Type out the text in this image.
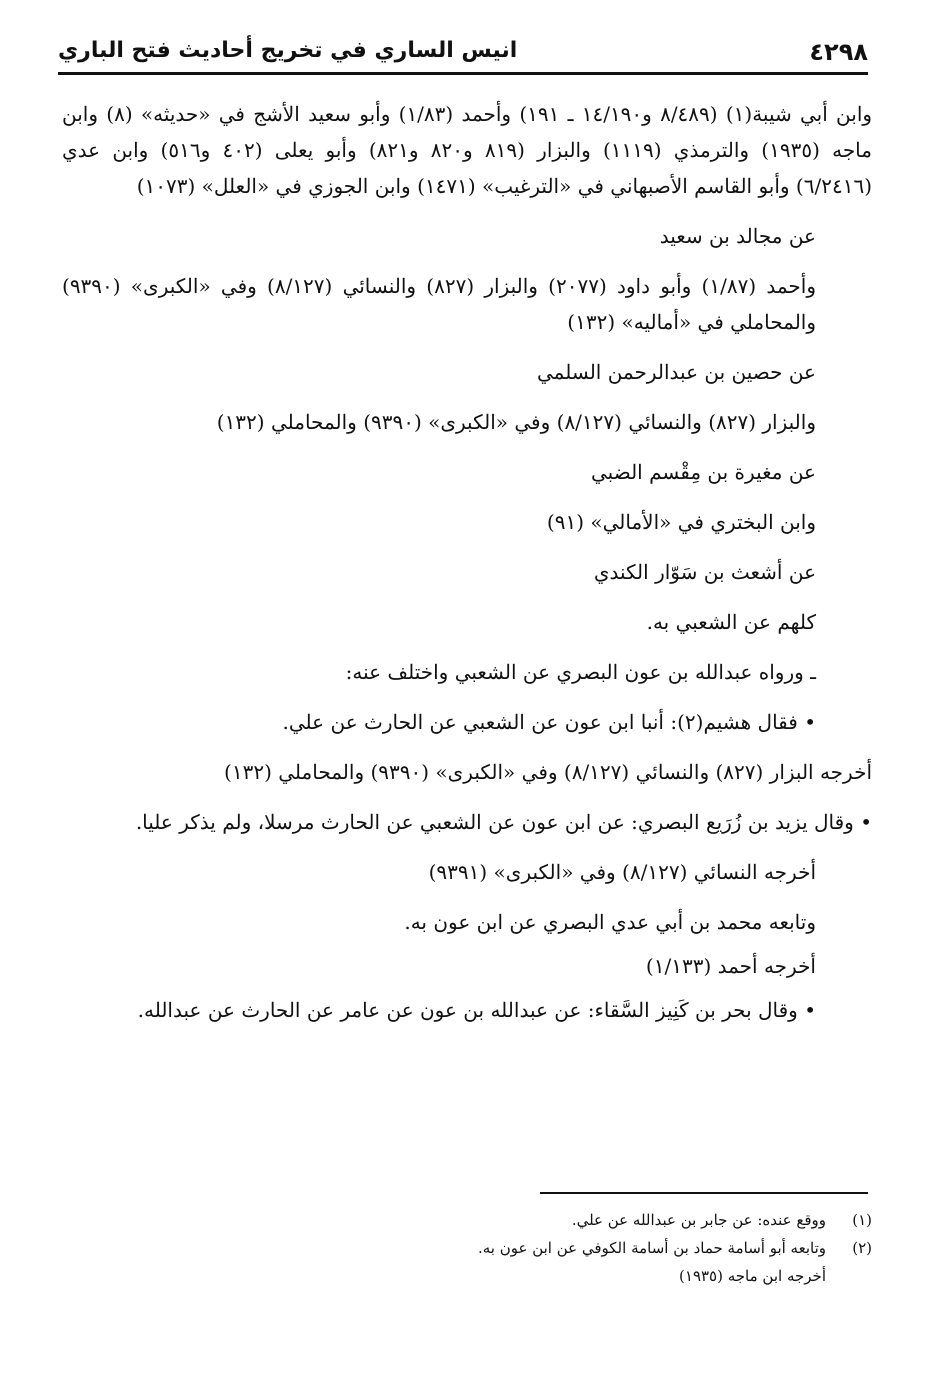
٤٢٩٨
انيس الساري في تخريج أحاديث فتح الباري

وابن أبي شيبة(١) (٨/٤٨٩ و١٤/١٩٠ ـ ١٩١) وأحمد (١/٨٣) وأبو سعيد الأشج في «حديثه» (٨) وابن ماجه (١٩٣٥) والترمذي (١١١٩) والبزار (٨١٩ و٨٢٠ و٨٢١) وأبو يعلى (٤٠٢ و٥١٦) وابن عدي (٦/٢٤١٦) وأبو القاسم الأصبهاني في «الترغيب» (١٤٧١) وابن الجوزي في «العلل» (١٠٧٣)

عن مجالد بن سعيد

وأحمد (١/٨٧) وأبو داود (٢٠٧٧) والبزار (٨٢٧) والنسائي (٨/١٢٧) وفي «الكبرى» (٩٣٩٠) والمحاملي في «أماليه» (١٣٢)

عن حصين بن عبدالرحمن السلمي

والبزار (٨٢٧) والنسائي (٨/١٢٧) وفي «الكبرى» (٩٣٩٠) والمحاملي (١٣٢)

عن مغيرة بن مِقْسم الضبي

وابن البختري في «الأمالي» (٩١)

عن أشعث بن سَوّار الكندي

كلهم عن الشعبي به.

ـ ورواه عبدالله بن عون البصري عن الشعبي واختلف عنه:

• فقال هشيم(٢): أنبا ابن عون عن الشعبي عن الحارث عن علي.

أخرجه البزار (٨٢٧) والنسائي (٨/١٢٧) وفي «الكبرى» (٩٣٩٠) والمحاملي (١٣٢)

• وقال يزيد بن زُرَيع البصري: عن ابن عون عن الشعبي عن الحارث مرسلا، ولم يذكر عليا.

أخرجه النسائي (٨/١٢٧) وفي «الكبرى» (٩٣٩١)

وتابعه محمد بن أبي عدي البصري عن ابن عون به.

أخرجه أحمد (١/١٣٣)

• وقال بحر بن كَنِيز السَّقاء: عن عبدالله بن عون عن عامر عن الحارث عن عبدالله.

(١)ووقع عنده: عن جابر بن عبدالله عن علي.

(٢)وتابعه أبو أسامة حماد بن أسامة الكوفي عن ابن عون به.

أخرجه ابن ماجه (١٩٣٥)
